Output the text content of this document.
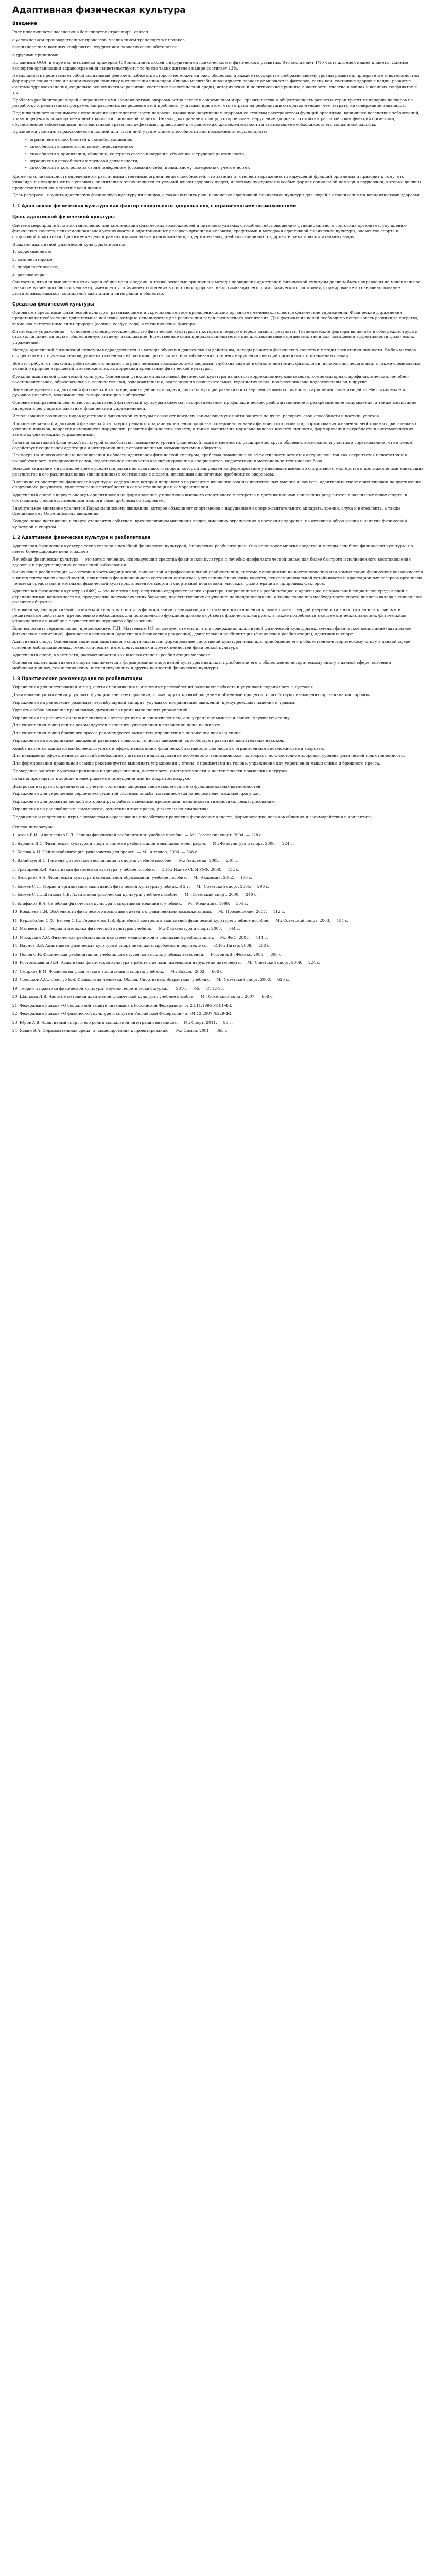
Адаптивная физическая культура
Введение

Рост инвалидности населения в большинстве стран мира, связан

с усложнением производственных процессов, увеличением транспортных потоков,

возникновением военных конфликтов, ухудшением экологической обстановки

и другими причинами.

По данным ООН, в мире насчитывается примерно 450 миллионов людей с нарушениями психического и физического развития. Это составляет 1/10 часть жителей нашей планеты. Данные экспертов организации здравоохранения свидетельствуют, что число таких жителей в мире достигает 13%.

Инвалидность представляет собой социальный феномен, избежать которого не может ни одно общество, и каждое государство сообразно своему уровню развития, приоритетам и возможностям формирует социальную и экономическую политику в отношении инвалидов. Однако масштабы инвалидности зависят от множества факторов, таких как: состояние здоровья нации, развитие системы здравоохранения, социально-экономическое развитие, состояние экологической среды, исторические и политические причины, в частности, участие в войнах и военных конфликтах и т.д.

Проблема реабилитации людей с ограниченными возможностями здоровья остро встает в современном мире, правительства и общественность развитых стран тратят миллиарды долларов на разработку и реализацию программ, направленных на решение этой проблемы, учитывая при этом, что затраты на реабилитацию гораздо меньше, чем затраты на содержание инвалидов.

Под инвалидностью понимается ограничение жизнедеятельности человека, вызванное нарушением здоровья со стойким расстройством функций организма, возникшее вследствие заболеваний, травм и дефектов, приводящее к необходимости социальной защиты. Инвалидом признается лицо, которое имеет нарушение здоровья со стойким расстройством функций организма, обусловленное заболеваниями, последствиями травм или дефектами, приводящее к ограничению жизнедеятельности и вызывающее необходимость его социальной защиты.

Признается условие, выражающееся в полной или частичной утрате лицом способности или возможности осуществлять:

• ограничения способностей к самообслуживанию;
• способности к самостоятельному передвижению;
• способности к ориентации, общению, контролю своего поведения, обучению и трудовой деятельности;
• ограничения способности к трудовой деятельности;
• способности к контролю за своим поведением (осознанию себя, правильному поведению с учетом норм).

Кроме того, инвалидность определяется различными степенями ограничения способностей, что зависит от степени выраженности нарушений функций организма и приводит к тому, что инвалиды вынуждены жить в условиях, значительно отличающихся от условий жизни здоровых людей, и поэтому нуждаются в особых формах социальной помощи и поддержки, которые должны предоставляться им в течение всей жизни.

Цель реферата - изучить адаптивную физическую культуру инвалидов, а также выявить роль и значение адаптивной физической культуры для людей с ограниченными возможностями здоровья.

1.1 Адаптивная физическая культура как фактор социального здоровья лиц с ограниченными возможностями
Цель адаптивной физической культуры

Система мероприятий по восстановлению или компенсации физических возможностей и интеллектуальных способностей, повышению функционального состояния организма, улучшению физических качеств, психоэмоциональной устойчивости и адаптационных резервов организма человека, средствами и методами адаптивной физической культуры, элементов спорта и спортивной подготовки. Достижение цели в рамках взаимосвязи и взаимовлияния, содержательных, реабилитационных, оздоровительных и воспитательных задач.

В задачи адаптивной физической культуры относятся:

1. коррекционные;

2. компенсаторные;

3. профилактические;

4. развивающие.

Считается, что для выполнения этих задач общие цели и задачи, а также основные принципы и методы проведения адаптивной физической культуры должны быть направлены на максимальное развитие жизнеспособности человека, имеющего устойчивые отклонения в состоянии здоровья, на оптимизацию его психофизического состояния, формирование и совершенствование двигательных навыков, социальной адаптации и интеграции в общество.

Средства физической культуры

Основными средствами физической культуры, развивающими и укрепляющими все проявления жизни организма человека, являются физические упражнения. Физические упражнения представляют собой такие двигательные действия, которые используются для реализации задач физического воспитания. Для достижения целей необходимо использовать различные средства, такие как естественные силы природы (солнце, воздух, вода) и гигиенические факторы.

Физические упражнения — основное и специфическое средство физической культуры, от которых в первую очередь зависит результат. Гигиенические факторы включают в себя режим труда и отдыха, питание, личную и общественную гигиену, закаливание. Естественные силы природы используются как для закаливания организма, так и для повышения эффективности физических упражнений.

Методы адаптивной физической культуры подразделяются на методы обучения двигательным действиям, методы развития физических качеств и методы воспитания личности. Выбор методов осуществляется с учетом индивидуальных особенностей занимающихся, характера заболевания, степени нарушения функций организма и поставленных задач.

Все это требует от педагога, работающего с лицами с ограниченными возможностями здоровья, глубоких знаний в области анатомии, физиологии, психологии, педагогики, а также специальных знаний о природе нарушений и возможностях их коррекции средствами физической культуры.

Функции адаптивной физической культуры. Основными функциями адаптивной физической культуры являются: коррекционно-развивающая, компенсаторная, профилактическая, лечебно-восстановительная, образовательная, воспитательная, оздоровительная, рекреационно-развлекательная, гедонистическая, профессионально-подготовительная и другие.

Внимание уделяется адаптивной физической культуре, имеющей цели и задачи, способствующие развитию и совершенствованию личности, гармонично сочетающей в себе физическое и духовное развитие, максимальную самореализацию в обществе.

Основные направления деятельности адаптивной физической культуры включают оздоровительное, профилактическое, реабилитационное и реакреационное направления, а также воспитание интереса к регулярным занятиям физическими упражнениями.

Использование различных видов адаптивной физической культуры позволяет каждому занимающемуся найти занятие по душе, раскрыть свои способности и достичь успехов.

В процессе занятий адаптивной физической культурой решаются задачи укрепления здоровья, совершенствования физического развития, формирования жизненно необходимых двигательных умений и навыков, коррекции имеющихся нарушений, развития физических качеств, а также воспитания морально-волевых качеств личности, формирования потребности в систематических занятиях физическими упражнениями.

Занятия адаптивной физической культурой способствуют повышению уровня физической подготовленности, расширению круга общения, возможности участия в соревнованиях, что в целом содействует социальной адаптации и интеграции лиц с ограниченными возможностями в общество.

Несмотря на многочисленные исследования в области адаптивной физической культуры, проблема повышения ее эффективности остается актуальной, так как сохраняется недостаточная разработанность методических основ, недостаточное количество квалифицированных специалистов, недостаточная материально-техническая база.

Большое внимание в настоящее время уделяется развитию адаптивного спорта, который направлен на формирование у инвалидов высокого спортивного мастерства и достижение ими наивысших результатов в его различных видах (дисциплинах) в состязаниях с людьми, имеющими аналогичные проблемы со здоровьем.

В отличие от адаптивной физической культуры, содержание которой направлено на развитие жизненно важных двигательных умений и навыков, адаптивный спорт ориентирован на достижение спортивного результата, удовлетворение потребности в самоактуализации и самореализации.

Адаптивный спорт в первую очередь ориентирован на формирование у инвалидов высокого спортивного мастерства и достижение ими наивысших результатов в различных видах спорта, в состязаниях с людьми, имеющими аналогичные проблемы со здоровьем.

Значительное внимание уделяется Паралимпийскому движению, которое объединяет спортсменов с нарушениями опорно-двигательного аппарата, зрения, слуха и интеллекта, а также Специальному Олимпийскому движению.

Каждое новое достижение в спорте становится событием, вдохновляющим миллионы людей, имеющих ограничения в состоянии здоровья, на активный образ жизни и занятия физической культурой и спортом.

1.2 Адаптивная физическая культура и реабилитация

Адаптивная физическая культура тесно связана с лечебной физической культурой, физической реабилитацией. Она использует многие средства и методы лечебной физической культуры, но имеет более широкие цели и задачи.

Лечебная физическая культура — это метод лечения, использующий средства физической культуры с лечебно-профилактической целью для более быстрого и полноценного восстановления здоровья и предупреждения осложнений заболевания.

Физическая реабилитация — составная часть медицинской, социальной и профессиональной реабилитации, система мероприятий по восстановлению или компенсации физических возможностей и интеллектуальных способностей, повышению функционального состояния организма, улучшению физических качеств, психоэмоциональной устойчивости и адаптационных резервов организма человека средствами и методами физической культуры, элементов спорта и спортивной подготовки, массажа, физиотерапии и природных факторов.

Адаптивная физическая культура (АФК) — это комплекс мер спортивно-оздоровительного характера, направленных на реабилитацию и адаптацию к нормальной социальной среде людей с ограниченными возможностями, преодоление психологических барьеров, препятствующих ощущению полноценной жизни, а также сознанию необходимости своего личного вклада в социальное развитие общества.

Основная задача адаптивной физической культуры состоит в формировании у занимающихся осознанного отношения к своим силам, твердой уверенности в них, готовности к смелым и решительным действиям, преодолению необходимых для полноценного функционирования субъекта физических нагрузок, а также потребности в систематических занятиях физическими упражнениями и вообще в осуществлении здорового образа жизни.

Если вспомнить терминологию, предложенную Л.П. Матвеевым [4], то следует отметить, что в содержании адаптивной физической культуры включены: физическое воспитание (адаптивное физическое воспитание), физическая рекреация (адаптивная физическая рекреация), двигательная реабилитация (физическая реабилитация), адаптивный спорт.

Адаптивный спорт. Основными задачами адаптивного спорта являются: формирование спортивной культуры инвалида, приобщение его к общественно-историческому опыту в данной сфере, освоение мобилизационных, технологических, интеллектуальных и других ценностей физической культуры.

Адаптивный спорт, в частности, рассматривается как высшая степень реабилитации человека.

Основная задача адаптивного спорта заключается в формировании спортивной культуры инвалида, приобщении его к общественно-историческому опыту в данной сфере, освоении мобилизационных, технологических, интеллектуальных и других ценностей физической культуры.

1.3 Практические рекомендации по реабилитации

Упражнения для растягивания мышц, снятия напряжения и мышечных расслаблений развивают гибкость и улучшают подвижность в суставах.

Дыхательные упражнения улучшают функцию внешнего дыхания, стимулируют кровообращение и обменные процессы, способствуют насыщению организма кислородом.

Упражнения на равновесие развивают вестибулярный аппарат, улучшают координацию движений, предупреждают падения и травмы.

Уделять особое внимание правильному дыханию во время выполнения упражнений.

Упражнения на развитие силы выполняются с отягощениями и сопротивлением, они укрепляют мышцы и связки, улучшают осанку.

Для укрепления мышц спины рекомендуется выполнять упражнения в положении лежа на животе.

Для укрепления мышц брюшного пресса рекомендуется выполнять упражнения в положении лежа на спине.

Упражнения на координацию движений развивают ловкость, точность движений, способствуют развитию двигательных навыков.

Ходьба является одним из наиболее доступных и эффективных видов физической активности для людей с ограниченными возможностями здоровья.

Для повышения эффективности занятий необходимо учитывать индивидуальные особенности занимающихся, их возраст, пол, состояние здоровья, уровень физической подготовленности.

Для формирования правильной осанки рекомендуется выполнять упражнения у стены, с предметами на голове, упражнения для укрепления мышц спины и брюшного пресса.

Проведение занятий с учетом принципов индивидуализации, доступности, систематичности и постепенности повышения нагрузок.

Занятия проводятся в хорошо проветриваемом помещении или на открытом воздухе.

Дозировка нагрузки определяется с учетом состояния здоровья занимающегося и его функциональных возможностей.

Упражнения для укрепления сердечно-сосудистой системы: ходьба, плавание, езда на велосипеде, лыжные прогулки.

Упражнения для развития мелкой моторики рук: работа с мелкими предметами, пальчиковая гимнастика, лепка, рисование.

Упражнения на расслабление: самомассаж, аутогенная тренировка, дыхательная гимнастика.

Подвижные и спортивные игры с элементами соревнования способствуют развитию физических качеств, формированию навыков общения и взаимодействия в коллективе.

Список литературы:

1. Агеев В.И., Апанасенко Г.Л. Основы физической реабилитации: учебное пособие. — М.: Советский спорт, 2004. — 128 с.

2. Баранов Д.С. Физическая культура и спорт в системе реабилитации инвалидов: монография. — М.: Физкультура и спорт, 2006. — 224 с.

3. Белова А.Н. Нейрореабилитация: руководство для врачей. — М.: Антидор, 2000. — 568 с.

4. Вайнбаум Я.С. Гигиена физического воспитания и спорта: учебное пособие. — М.: Академия, 2002. — 240 с.

5. Григорьев В.И. Адаптивная физическая культура: учебное пособие. — СПб.: Изд-во СПбГУЭФ, 2008. — 152 с.

6. Дмитриев А.А. Физическая культура в специальном образовании: учебное пособие. — М.: Академия, 2002. — 176 с.

7. Евсеев С.П. Теория и организация адаптивной физической культуры: учебник. В 2 т. — М.: Советский спорт, 2005. — 296 с.

8. Евсеев С.П., Шапкова Л.В. Адаптивная физическая культура: учебное пособие. — М.: Советский спорт, 2000. — 240 с.

9. Епифанов В.А. Лечебная физическая культура и спортивная медицина: учебник. — М.: Медицина, 1999. — 304 с.

10. Ковалева Л.Н. Особенности физического воспитания детей с ограниченными возможностями. — М.: Просвещение, 2007. — 112 с.

11. Курдыбайло С.Ф., Евсеев С.П., Герасимова Г.В. Врачебный контроль в адаптивной физической культуре: учебное пособие. — М.: Советский спорт, 2003. — 184 с.

12. Матвеев Л.П. Теория и методика физической культуры: учебник. — М.: Физкультура и спорт, 2008. — 544 с.

13. Мозжухин А.С. Физическая реабилитация в системе медицинской и социальной реабилитации. — М.: ФиС, 2003. — 144 с.

14. Наумов В.В. Адаптивная физическая культура и спорт инвалидов: проблемы и перспективы. — СПб.: Питер, 2009. — 208 с.

15. Попов С.Н. Физическая реабилитация: учебник для студентов высших учебных заведений. — Ростов н/Д.: Феникс, 2005. — 608 с.

16. Ростомашвили Л.Н. Адаптивная физическая культура в работе с детьми, имеющими нарушения интеллекта. — М.: Советский спорт, 2009. — 224 с.

17. Смирнов В.М. Физиология физического воспитания и спорта: учебник. — М.: Владос, 2002. — 608 с.

18. Солодков А.С., Сологуб Е.Б. Физиология человека. Общая. Спортивная. Возрастная: учебник. — М.: Советский спорт, 2008. — 620 с.

19. Теория и практика физической культуры: научно-теоретический журнал. — 2010. — №5. — С. 12-18.

20. Шапкова Л.В. Частные методики адаптивной физической культуры: учебное пособие. — М.: Советский спорт, 2007. — 608 с.

21. Федеральный закон «О социальной защите инвалидов в Российской Федерации» от 24.11.1995 №181-ФЗ.

22. Федеральный закон «О физической культуре и спорте в Российской Федерации» от 04.12.2007 №329-ФЗ.

23. Юров А.В. Адаптивный спорт и его роль в социальной интеграции инвалидов. — М.: Спорт, 2011. — 96 с.

24. Ясвин В.А. Образовательная среда: от моделирования к проектированию. — М.: Смысл, 2001. — 365 с.
